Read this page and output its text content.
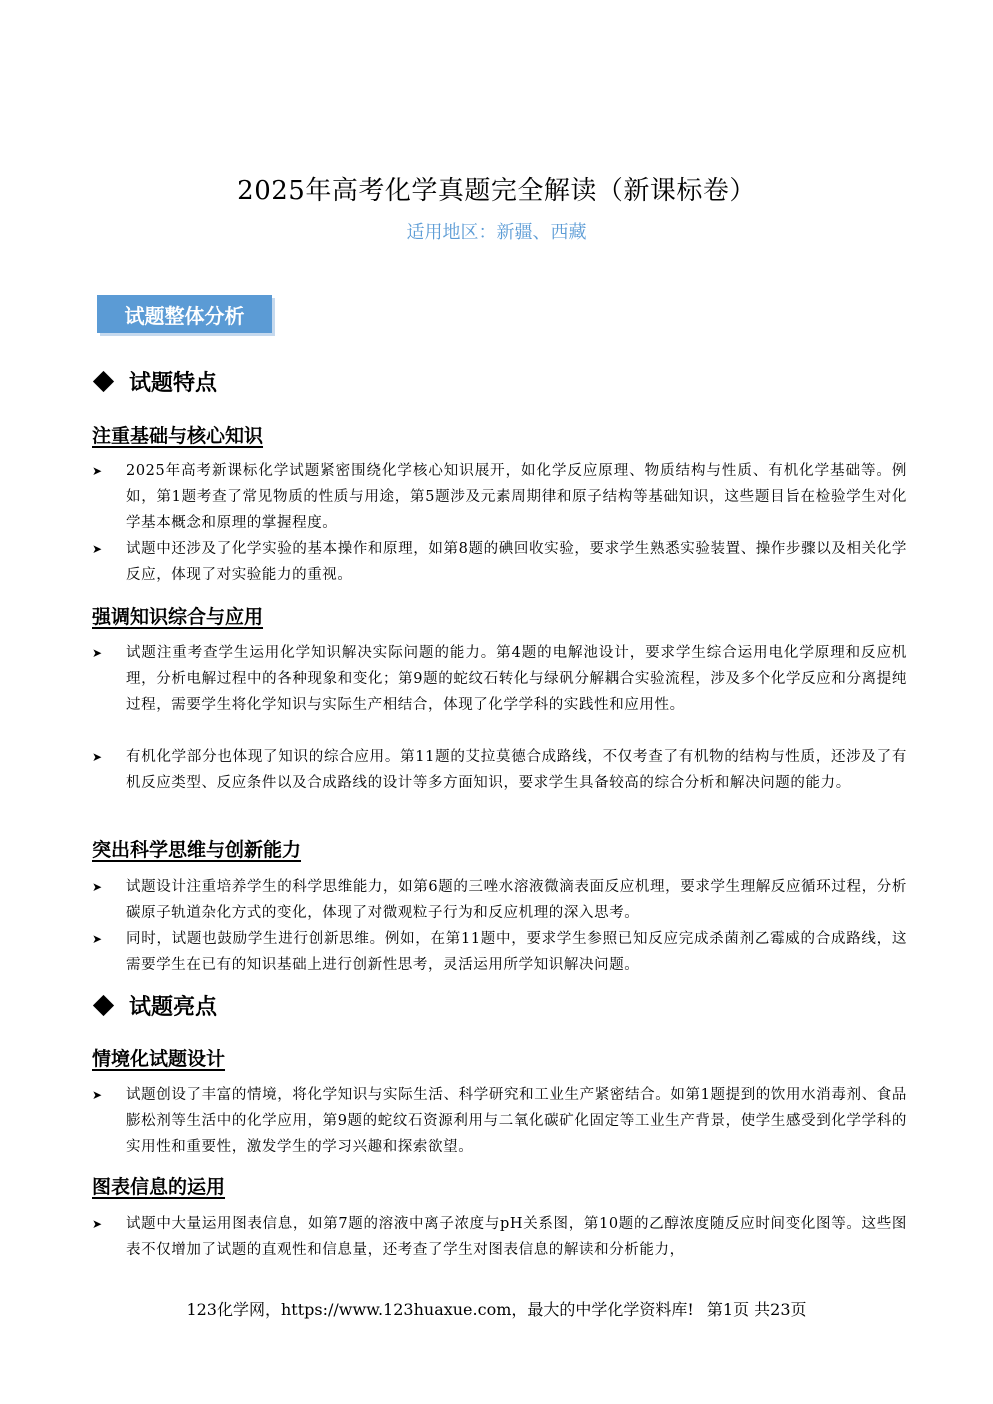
2025年高考化学真题完全解读（新课标卷）
适用地区：新疆、西藏
试题整体分析
试题特点
注重基础与核心知识
➤ 2025年高考新课标化学试题紧密围绕化学核心知识展开，如化学反应原理、物质结构与性质、有机化学基础等。例如，第1题考查了常见物质的性质与用途，第5题涉及元素周期律和原子结构等基础知识，这些题目旨在检验学生对化学基本概念和原理的掌握程度。
➤ 试题中还涉及了化学实验的基本操作和原理，如第8题的碘回收实验，要求学生熟悉实验装置、操作步骤以及相关化学反应，体现了对实验能力的重视。
强调知识综合与应用
➤ 试题注重考查学生运用化学知识解决实际问题的能力。第4题的电解池设计，要求学生综合运用电化学原理和反应机理，分析电解过程中的各种现象和变化；第9题的蛇纹石转化与绿矾分解耦合实验流程，涉及多个化学反应和分离提纯过程，需要学生将化学知识与实际生产相结合，体现了化学学科的实践性和应用性。
➤ 有机化学部分也体现了知识的综合应用。第11题的艾拉莫德合成路线，不仅考查了有机物的结构与性质，还涉及了有机反应类型、反应条件以及合成路线的设计等多方面知识，要求学生具备较高的综合分析和解决问题的能力。
突出科学思维与创新能力
➤ 试题设计注重培养学生的科学思维能力，如第6题的三唑水溶液微滴表面反应机理，要求学生理解反应循环过程，分析碳原子轨道杂化方式的变化，体现了对微观粒子行为和反应机理的深入思考。
➤ 同时，试题也鼓励学生进行创新思维。例如，在第11题中，要求学生参照已知反应完成杀菌剂乙霉威的合成路线，这需要学生在已有的知识基础上进行创新性思考，灵活运用所学知识解决问题。
试题亮点
情境化试题设计
➤ 试题创设了丰富的情境，将化学知识与实际生活、科学研究和工业生产紧密结合。如第1题提到的饮用水消毒剂、食品膨松剂等生活中的化学应用，第9题的蛇纹石资源利用与二氧化碳矿化固定等工业生产背景，使学生感受到化学学科的实用性和重要性，激发学生的学习兴趣和探索欲望。
图表信息的运用
➤ 试题中大量运用图表信息，如第7题的溶液中离子浓度与pH关系图，第10题的乙醇浓度随反应时间变化图等。这些图表不仅增加了试题的直观性和信息量，还考查了学生对图表信息的解读和分析能力，
123化学网，https://www.123huaxue.com，最大的中学化学资料库! 第1页 共23页
